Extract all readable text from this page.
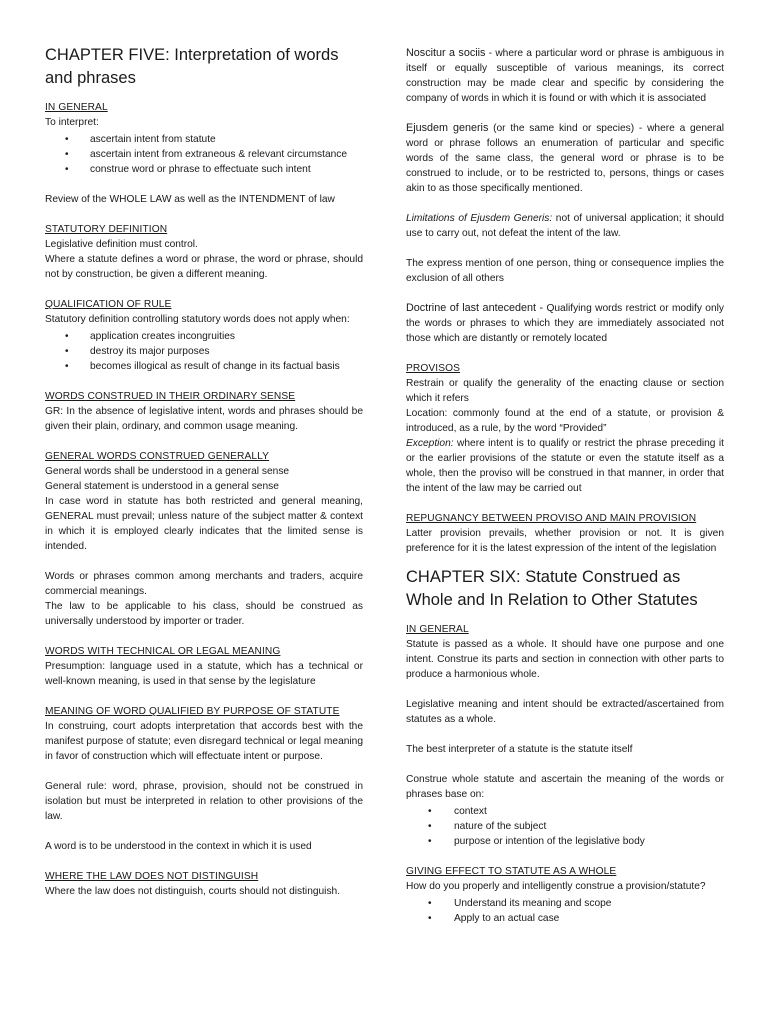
CHAPTER FIVE: Interpretation of words and phrases

IN GENERAL

To interpret:

• ascertain intent from statute
• ascertain intent from extraneous & relevant circumstance
• construe word or phrase to effectuate such intent

Review of the WHOLE LAW as well as the INTENDMENT of law

STATUTORY DEFINITION

Legislative definition must control.

Where a statute defines a word or phrase, the word or phrase, should not by construction, be given a different meaning.

QUALIFICATION OF RULE

Statutory definition controlling statutory words does not apply when:

• application creates incongruities
• destroy its major purposes
• becomes illogical as result of change in its factual basis

WORDS CONSTRUED IN THEIR ORDINARY SENSE

GR: In the absence of legislative intent, words and phrases should be given their plain, ordinary, and common usage meaning.

GENERAL WORDS CONSTRUED GENERALLY

General words shall be understood in a general sense

General statement is understood in a general sense

In case word in statute has both restricted and general meaning, GENERAL must prevail; unless nature of the subject matter & context in which it is employed clearly indicates that the limited sense is intended.

Words or phrases common among merchants and traders, acquire commercial meanings.

The law to be applicable to his class, should be construed as universally understood by importer or trader.

WORDS WITH TECHNICAL OR LEGAL MEANING

Presumption: language used in a statute, which has a technical or well-known meaning, is used in that sense by the legislature

MEANING OF WORD QUALIFIED BY PURPOSE OF STATUTE

In construing, court adopts interpretation that accords best with the manifest purpose of statute; even disregard technical or legal meaning in favor of construction which will effectuate intent or purpose.

General rule: word, phrase, provision, should not be construed in isolation but must be interpreted in relation to other provisions of the law.

A word is to be understood in the context in which it is used

WHERE THE LAW DOES NOT DISTINGUISH

Where the law does not distinguish, courts should not distinguish.

Noscitur a sociis - where a particular word or phrase is ambiguous in itself or equally susceptible of various meanings, its correct construction may be made clear and specific by considering the company of words in which it is found or with which it is associated

Ejusdem generis (or the same kind or species) - where a general word or phrase follows an enumeration of particular and specific words of the same class, the general word or phrase is to be construed to include, or to be restricted to, persons, things or cases akin to as those specifically mentioned.

Limitations of Ejusdem Generis: not of universal application; it should use to carry out, not defeat the intent of the law.

The express mention of one person, thing or consequence implies the exclusion of all others

Doctrine of last antecedent - Qualifying words restrict or modify only the words or phrases to which they are immediately associated not those which are distantly or remotely located

PROVISOS

Restrain or qualify the generality of the enacting clause or section which it refers

Location: commonly found at the end of a statute, or provision & introduced, as a rule, by the word “Provided”

Exception: where intent is to qualify or restrict the phrase preceding it or the earlier provisions of the statute or even the statute itself as a whole, then the proviso will be construed in that manner, in order that the intent of the law may be carried out

REPUGNANCY BETWEEN PROVISO AND MAIN PROVISION

Latter provision prevails, whether provision or not. It is given preference for it is the latest expression of the intent of the legislation

CHAPTER SIX: Statute Construed as Whole and In Relation to Other Statutes

IN GENERAL

Statute is passed as a whole. It should have one purpose and one intent. Construe its parts and section in connection with other parts to produce a harmonious whole.

Legislative meaning and intent should be extracted/ascertained from statutes as a whole.

The best interpreter of a statute is the statute itself

Construe whole statute and ascertain the meaning of the words or phrases base on:

• context
• nature of the subject
• purpose or intention of the legislative body

GIVING EFFECT TO STATUTE AS A WHOLE

How do you properly and intelligently construe a provision/statute?

• Understand its meaning and scope
• Apply to an actual case
